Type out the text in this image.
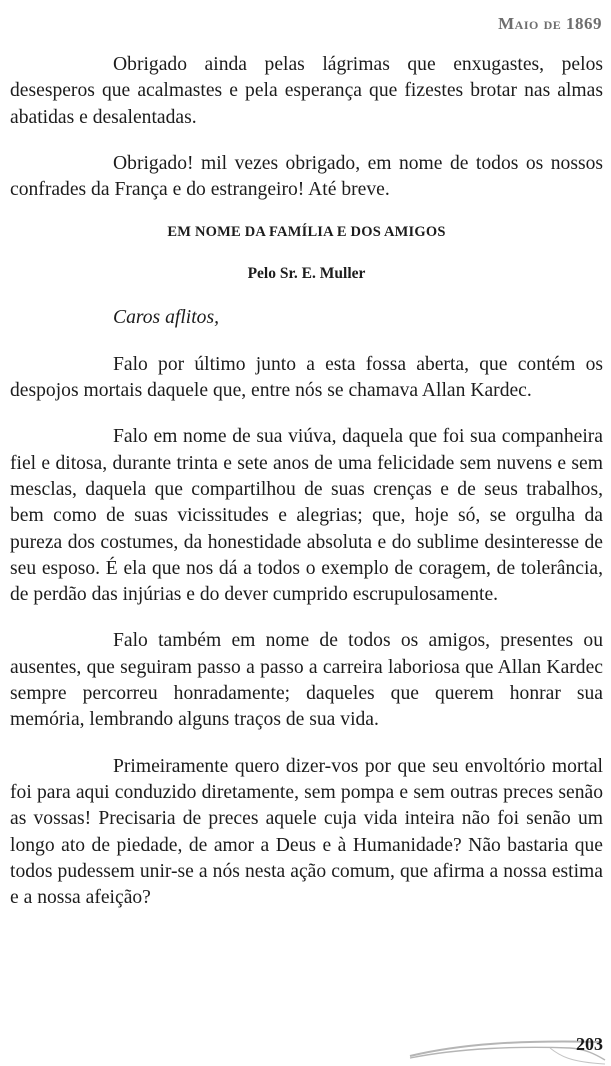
Maio de 1869

Obrigado ainda pelas lágrimas que enxugastes, pelos desesperos que acalmastes e pela esperança que fizestes brotar nas almas abatidas e desalentadas.

Obrigado! mil vezes obrigado, em nome de todos os nossos confrades da França e do estrangeiro! Até breve.

EM NOME DA FAMÍLIA E DOS AMIGOS

Pelo Sr. E. Muller

Caros aflitos,

Falo por último junto a esta fossa aberta, que contém os despojos mortais daquele que, entre nós se chamava Allan Kardec.

Falo em nome de sua viúva, daquela que foi sua companheira fiel e ditosa, durante trinta e sete anos de uma felicidade sem nuvens e sem mesclas, daquela que compartilhou de suas crenças e de seus trabalhos, bem como de suas vicissitudes e alegrias; que, hoje só, se orgulha da pureza dos costumes, da honestidade absoluta e do sublime desinteresse de seu esposo. É ela que nos dá a todos o exemplo de coragem, de tolerância, de perdão das injúrias e do dever cumprido escrupulosamente.

Falo também em nome de todos os amigos, presentes ou ausentes, que seguiram passo a passo a carreira laboriosa que Allan Kardec sempre percorreu honradamente; daqueles que querem honrar sua memória, lembrando alguns traços de sua vida.

Primeiramente quero dizer-vos por que seu envoltório mortal foi para aqui conduzido diretamente, sem pompa e sem outras preces senão as vossas! Precisaria de preces aquele cuja vida inteira não foi senão um longo ato de piedade, de amor a Deus e à Humanidade? Não bastaria que todos pudessem unir-se a nós nesta ação comum, que afirma a nossa estima e a nossa afeição?

203
